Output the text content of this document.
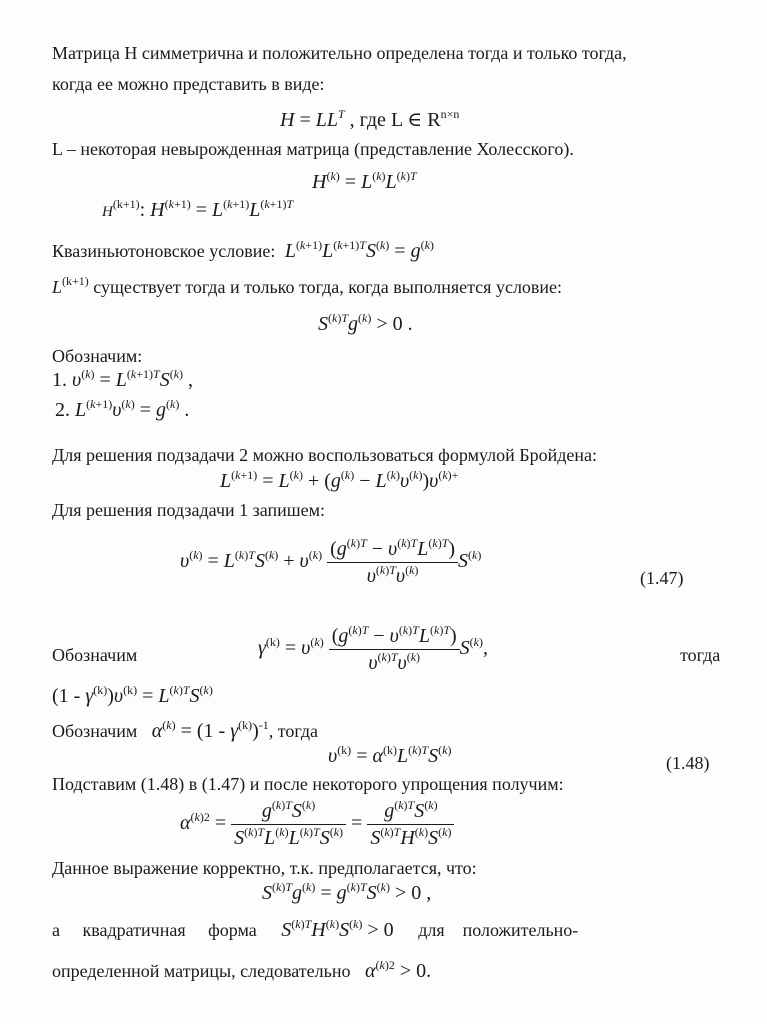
Матрица H симметрична и положительно определена тогда и только тогда,
когда ее можно представить в виде:
$H = LL^T$ , где L ∈ $R^{n\times n}$
L – некоторая невырожденная матрица (представление Холесского).
$H^{(k)} = L^{(k)}L^{(k)T}$
$H^{(k+1)}$: $H^{(k+1)} = L^{(k+1)}L^{(k+1)T}$
Квазиньютоновское условие: $L^{(k+1)}L^{(k+1)T}S^{(k)} = g^{(k)}$
$L^{(k+1)}$ существует тогда и только тогда, когда выполняется условие:
$S^{(k)T}g^{(k)} > 0$ .
Обозначим:
1. $\upsilon^{(k)} = L^{(k+1)T}S^{(k)}$ ,
2. $L^{(k+1)}\upsilon^{(k)} = g^{(k)}$ .
Для решения подзадачи 2 можно воспользоваться формулой Бройдена:
$L^{(k+1)} = L^{(k)} + (g^{(k)} - L^{(k)}\upsilon^{(k)})\upsilon^{(k)+}$
Для решения подзадачи 1 запишем:
$\upsilon^{(k)} = L^{(k)T}S^{(k)} + \upsilon^{(k)} \frac{(g^{(k)T} - \upsilon^{(k)T}L^{(k)T})}{\upsilon^{(k)T}\upsilon^{(k)}} S^{(k)}$
(1.47)
Обозначим	$\gamma^{(k)} = \upsilon^{(k)} \frac{(g^{(k)T} - \upsilon^{(k)T}L^{(k)T})}{\upsilon^{(k)T}\upsilon^{(k)}} S^{(k)}$,	тогда
$(1 - \gamma^{(k)})\upsilon^{(k)} = L^{(k)T}S^{(k)}$
Обозначим $\alpha^{(k)} = (1 - \gamma^{(k)})^{-1}$, тогда
$\upsilon^{(k)} = \alpha^{(k)}L^{(k)T}S^{(k)}$
(1.48)
Подставим (1.48) в (1.47) и после некоторого упрощения получим:
$\alpha^{(k)2} = \frac{g^{(k)T}S^{(k)}}{S^{(k)T}L^{(k)}L^{(k)T}S^{(k)}} = \frac{g^{(k)T}S^{(k)}}{S^{(k)T}H^{(k)}S^{(k)}}$
Данное выражение корректно, т.к. предполагается, что:
$S^{(k)T}g^{(k)} = g^{(k)T}S^{(k)} > 0$ ,
а     квадратичная     форма $S^{(k)T}H^{(k)}S^{(k)} > 0$     для    положительно-
определенной матрицы, следовательно $\alpha^{(k)2} > 0$.
